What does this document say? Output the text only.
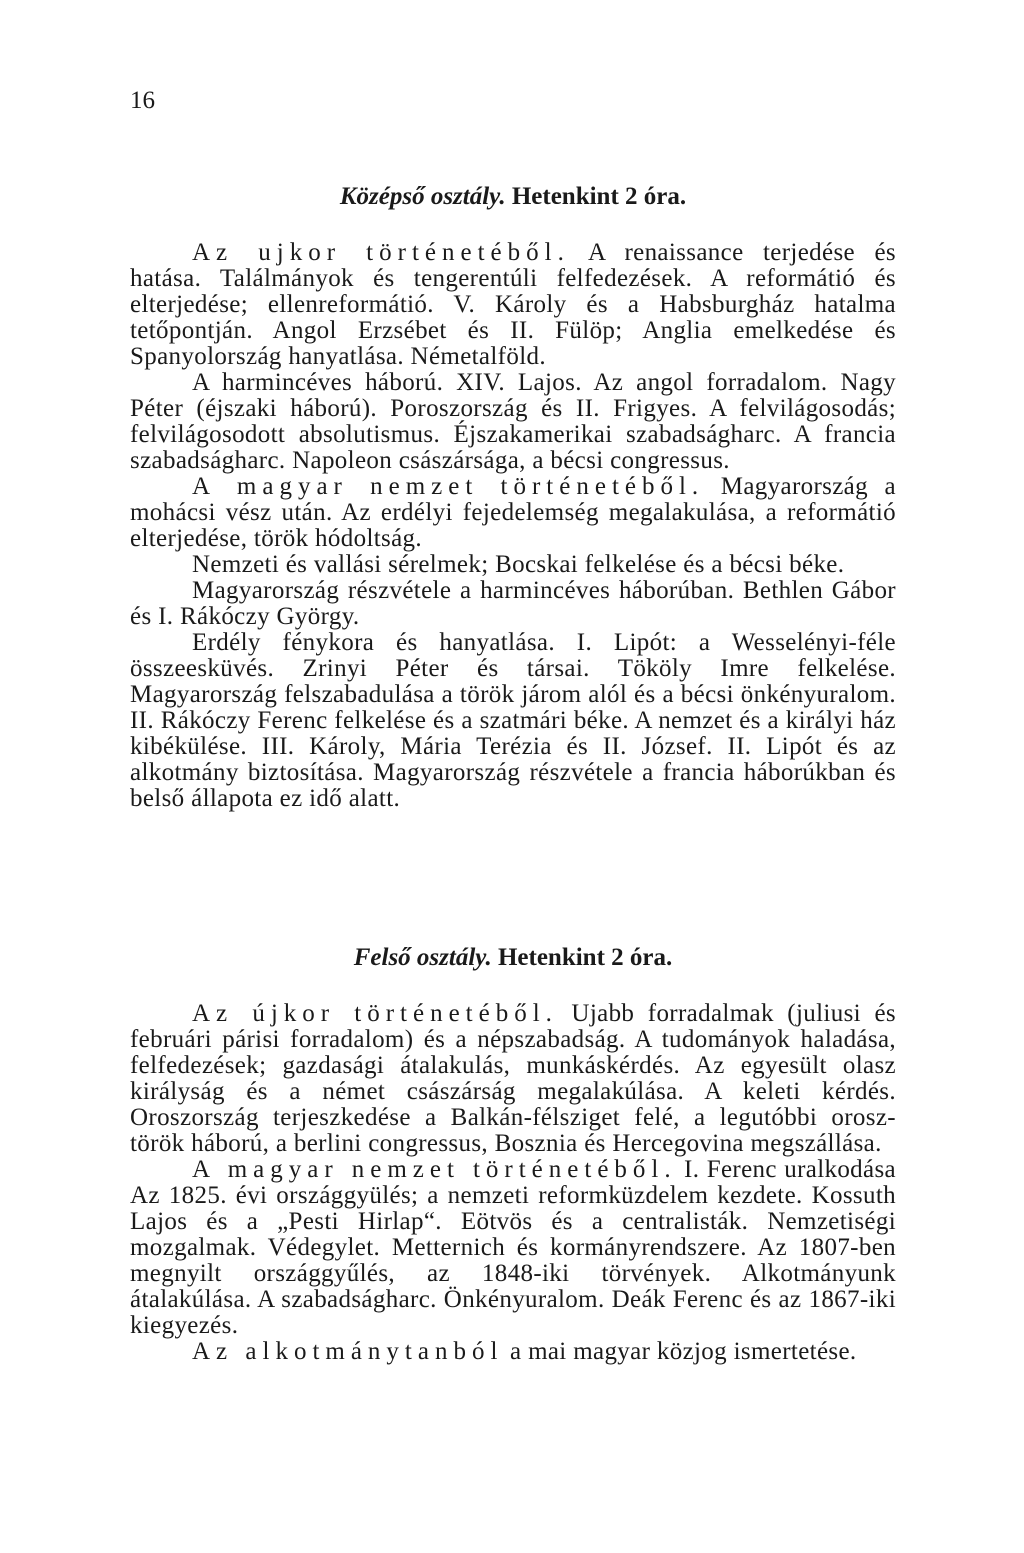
16

Középső osztály. Hetenkint 2 óra.

Az ujkor történetéből. A renaissance terjedése és hatása. Találmányok és tengerentúli felfedezések. A reformátió és elterjedése; ellenreformátió. V. Károly és a Habsburgház hatalma tetőpontján. Angol Erzsébet és II. Fülöp; Anglia emelkedése és Spanyolország hanyatlása. Németalföld.

A harmincéves háború. XIV. Lajos. Az angol forradalom. Nagy Péter (éjszaki háború). Poroszország és II. Frigyes. A felvilágosodás; felvilágosodott absolutismus. Éjszakamerikai szabadságharc. A francia szabadságharc. Napoleon császársága, a bécsi congressus.

A magyar nemzet történetéből. Magyarország a mohácsi vész után. Az erdélyi fejedelemség megalakulása, a reformátió elterjedése, török hódoltság.

Nemzeti és vallási sérelmek; Bocskai felkelése és a bécsi béke.

Magyarország részvétele a harmincéves háborúban. Bethlen Gábor és I. Rákóczy György.

Erdély fénykora és hanyatlása. I. Lipót: a Wesselényi-féle összeesküvés. Zrinyi Péter és társai. Tököly Imre felkelése. Magyarország felszabadulása a török járom alól és a bécsi önkényuralom. II. Rákóczy Ferenc felkelése és a szatmári béke. A nemzet és a királyi ház kibékülése. III. Károly, Mária Terézia és II. József. II. Lipót és az alkotmány biztosítása. Magyarország részvétele a francia háborúkban és belső állapota ez idő alatt.

Felső osztály. Hetenkint 2 óra.

Az újkor történetéből. Ujabb forradalmak (juliusi és februári párisi forradalom) és a népszabadság. A tudományok haladása, felfedezések; gazdasági átalakulás, munkáskérdés. Az egyesült olasz királyság és a német császárság megalakúlása. A keleti kérdés. Oroszország terjeszkedése a Balkán-félsziget felé, a legutóbbi orosz-török háború, a berlini congressus, Bosznia és Hercegovina megszállása.

A magyar nemzet történetéből. I. Ferenc uralkodása Az 1825. évi országgyülés; a nemzeti reformküzdelem kezdete. Kossuth Lajos és a „Pesti Hirlap“. Eötvös és a centralisták. Nemzetiségi mozgalmak. Védegylet. Metternich és kormányrendszere. Az 1807-ben megnyilt országgyűlés, az 1848-iki törvények. Alkotmányunk átalakúlása. A szabadságharc. Önkényuralom. Deák Ferenc és az 1867-iki kiegyezés.

Az alkotmánytanból a mai magyar közjog ismertetése.
